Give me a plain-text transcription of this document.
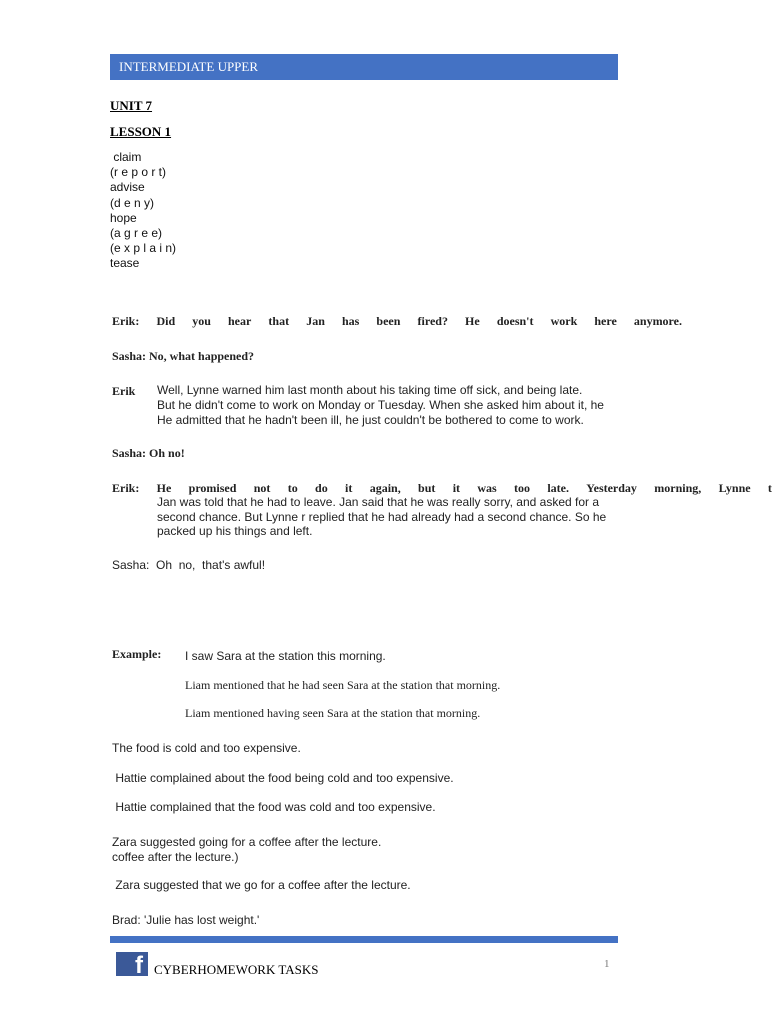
INTERMEDIATE UPPER
UNIT 7
LESSON 1
claim
(r e p o r t)
advise
(d e n y)
hope
(a g r e e)
(e x p l a i n)
tease
Erik: Did you hear that Jan has been fired? He doesn't work here anymore.
Sasha: No, what happened?
Erik Well, Lynne warned him last month about his taking time off sick, and being late.
But he didn't come to work on Monday or Tuesday. When she asked him about it, he
He admitted that he hadn't been ill, he just couldn't be bothered to come to work.
Sasha: Oh no!
Erik: He promised not to do it again, but it was too late. Yesterday morning, Lynne t
Jan was told that he had to leave. Jan said that he was really sorry, and asked for a
second chance. But Lynne r replied that he had already had a second chance. So he
packed up his things and left.
Sasha:  Oh  no,  that's awful!
Example: I saw Sara at the station this morning.
Liam mentioned that he had seen Sara at the station that morning.
Liam mentioned having seen Sara at the station that morning.
The food is cold and too expensive.
Hattie complained about the food being cold and too expensive.
Hattie complained that the food was cold and too expensive.
Zara suggested going for a coffee after the lecture.
coffee after the lecture.)
Zara suggested that we go for a coffee after the lecture.
Brad: 'Julie has lost weight.'
f CYBERHOMEWORK TASKS	1
